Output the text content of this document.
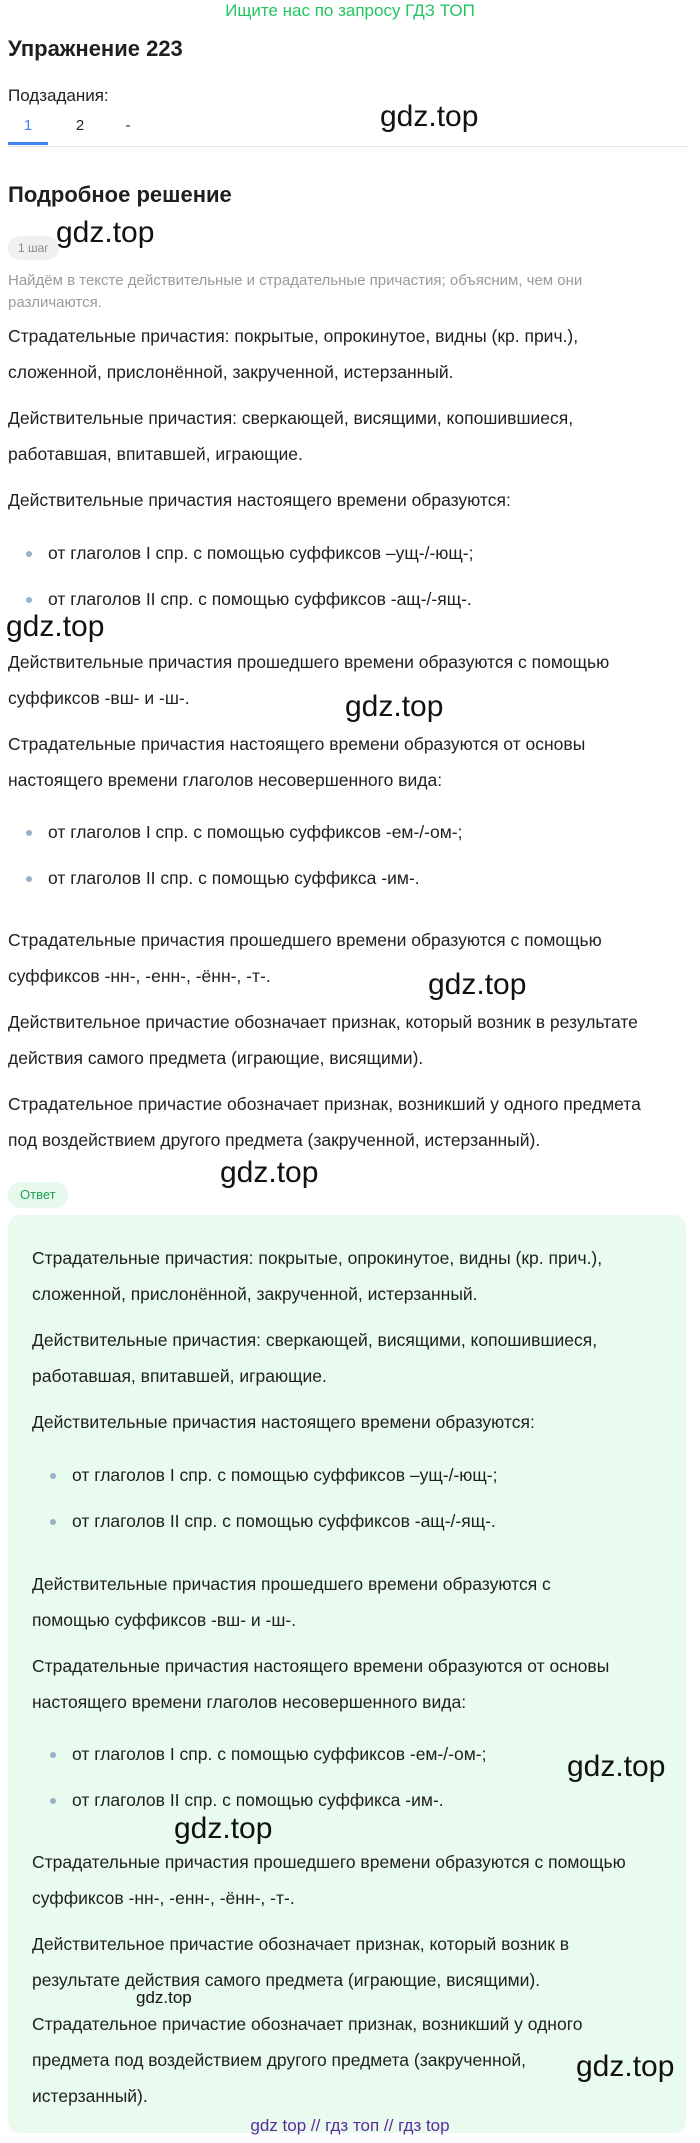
Ищите нас по запросу ГДЗ ТОП
Упражнение 223
Подзадания:
1	2	-
Подробное решение
1 шаг
Найдём в тексте действительные и страдательные причастия; объясним, чем они различаются.
Страдательные причастия: покрытые, опрокинутое, видны (кр. прич.),
сложенной, прислонённой, закрученной, истерзанный.
Действительные причастия: сверкающей, висящими, копошившиеся,
работавшая, впитавшей, играющие.
Действительные причастия настоящего времени образуются:
от глаголов I спр. с помощью суффиксов –ущ-/-ющ-;
от глаголов II спр. с помощью суффиксов -ащ-/-ящ-.
Действительные причастия прошедшего времени образуются с помощью
суффиксов -вш- и -ш-.
Страдательные причастия настоящего времени образуются от основы
настоящего времени глаголов несовершенного вида:
от глаголов I спр. с помощью суффиксов -ем-/-ом-;
от глаголов II спр. с помощью суффикса -им-.
Страдательные причастия прошедшего времени образуются с помощью
суффиксов -нн-, -енн-, -ённ-, -т-.
Действительное причастие обозначает признак, который возник в результате
действия самого предмета (играющие, висящими).
Страдательное причастие обозначает признак, возникший у одного предмета
под воздействием другого предмета (закрученной, истерзанный).
Ответ
Страдательные причастия: покрытые, опрокинутое, видны (кр. прич.),
сложенной, прислонённой, закрученной, истерзанный.
Действительные причастия: сверкающей, висящими, копошившиеся,
работавшая, впитавшей, играющие.
Действительные причастия настоящего времени образуются:
от глаголов I спр. с помощью суффиксов –ущ-/-ющ-;
от глаголов II спр. с помощью суффиксов -ащ-/-ящ-.
Действительные причастия прошедшего времени образуются с
помощью суффиксов -вш- и -ш-.
Страдательные причастия настоящего времени образуются от основы
настоящего времени глаголов несовершенного вида:
от глаголов I спр. с помощью суффиксов -ем-/-ом-;
от глаголов II спр. с помощью суффикса -им-.
Страдательные причастия прошедшего времени образуются с помощью
суффиксов -нн-, -енн-, -ённ-, -т-.
Действительное причастие обозначает признак, который возник в
результате действия самого предмета (играющие, висящими).
Страдательное причастие обозначает признак, возникший у одного
предмета под воздействием другого предмета (закрученной,
истерзанный).
gdz.top
gdz.top
gdz.top
gdz.top
gdz.top
gdz.top
gdz.top
gdz.top
gdz.top
gdz.top
gdz top // гдз топ // гдз top
